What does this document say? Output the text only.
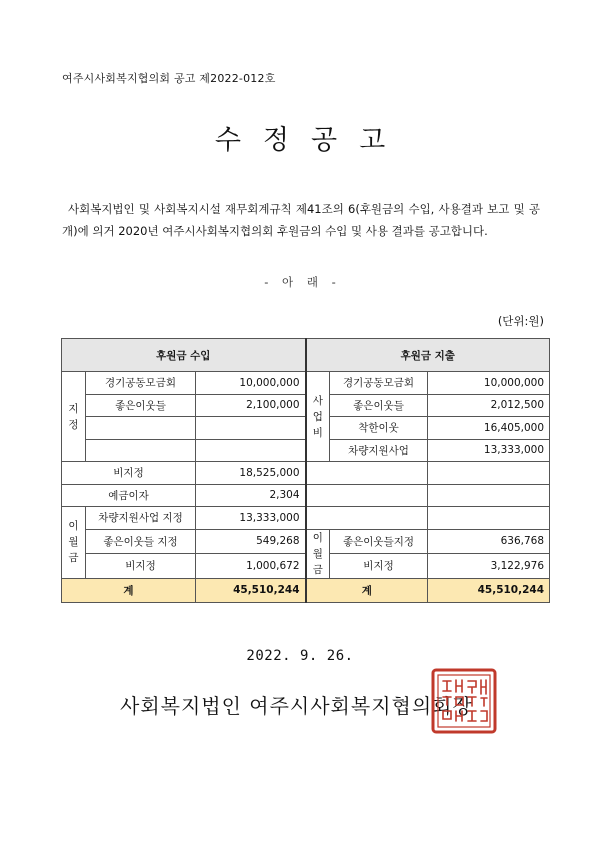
여주시사회복지협의회 공고 제2022-012호
수 정 공 고
사회복지법인 및 사회복지시설 재무회계규칙 제41조의 6(후원금의 수입, 사용결과 보고 및 공개)에 의거 2020년 여주시사회복지협의회 후원금의 수입 및 사용 결과를 공고합니다.
- 아 래 -
(단위:원)
후원금 수입			후원금 지출		

지정	경기공동모금회	10,000,000	사업비	경기공동모금회	10,000,000
	좋은이웃들	2,100,000		좋은이웃들	2,012,500
				착한이웃	16,405,000
				차량지원사업	13,333,000
비지정		18,525,000			
예금이자		2,304			

이월금	차량지원사업 지정	13,333,000			
	좋은이웃들 지정	549,268	이월금	좋은이웃들지정	636,768
	비지정	1,000,672		비지정	3,122,976
계		45,510,244	계		45,510,244
2022. 9. 26.
사회복지법인 여주시사회복지협의회장
